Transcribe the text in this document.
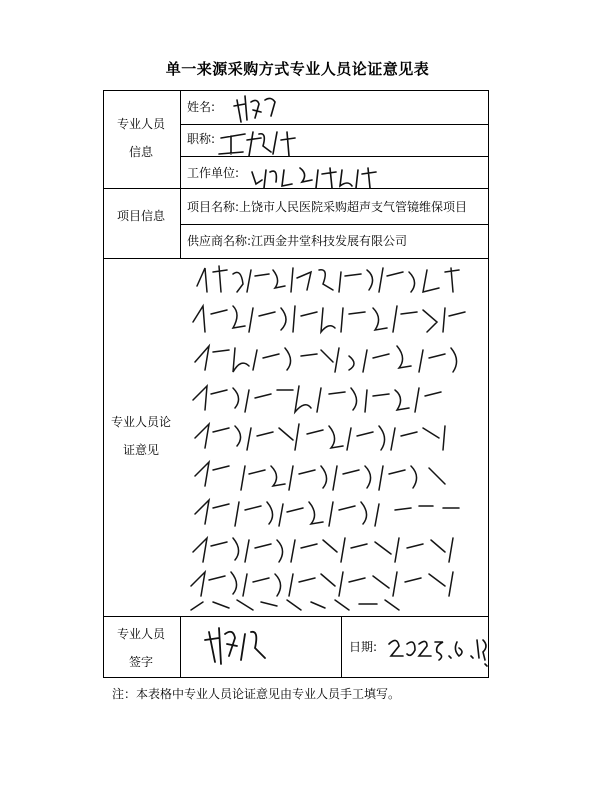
单一来源采购方式专业人员论证意见表
专业人员
信息
姓名:
职称:
工作单位:
项目信息
项目名称:上饶市人民医院采购超声支气管镜维保项目
供应商名称:江西金井堂科技发展有限公司
专业人员论
证意见
专业人员
签字
日期:
注：本表格中专业人员论证意见由专业人员手工填写。
